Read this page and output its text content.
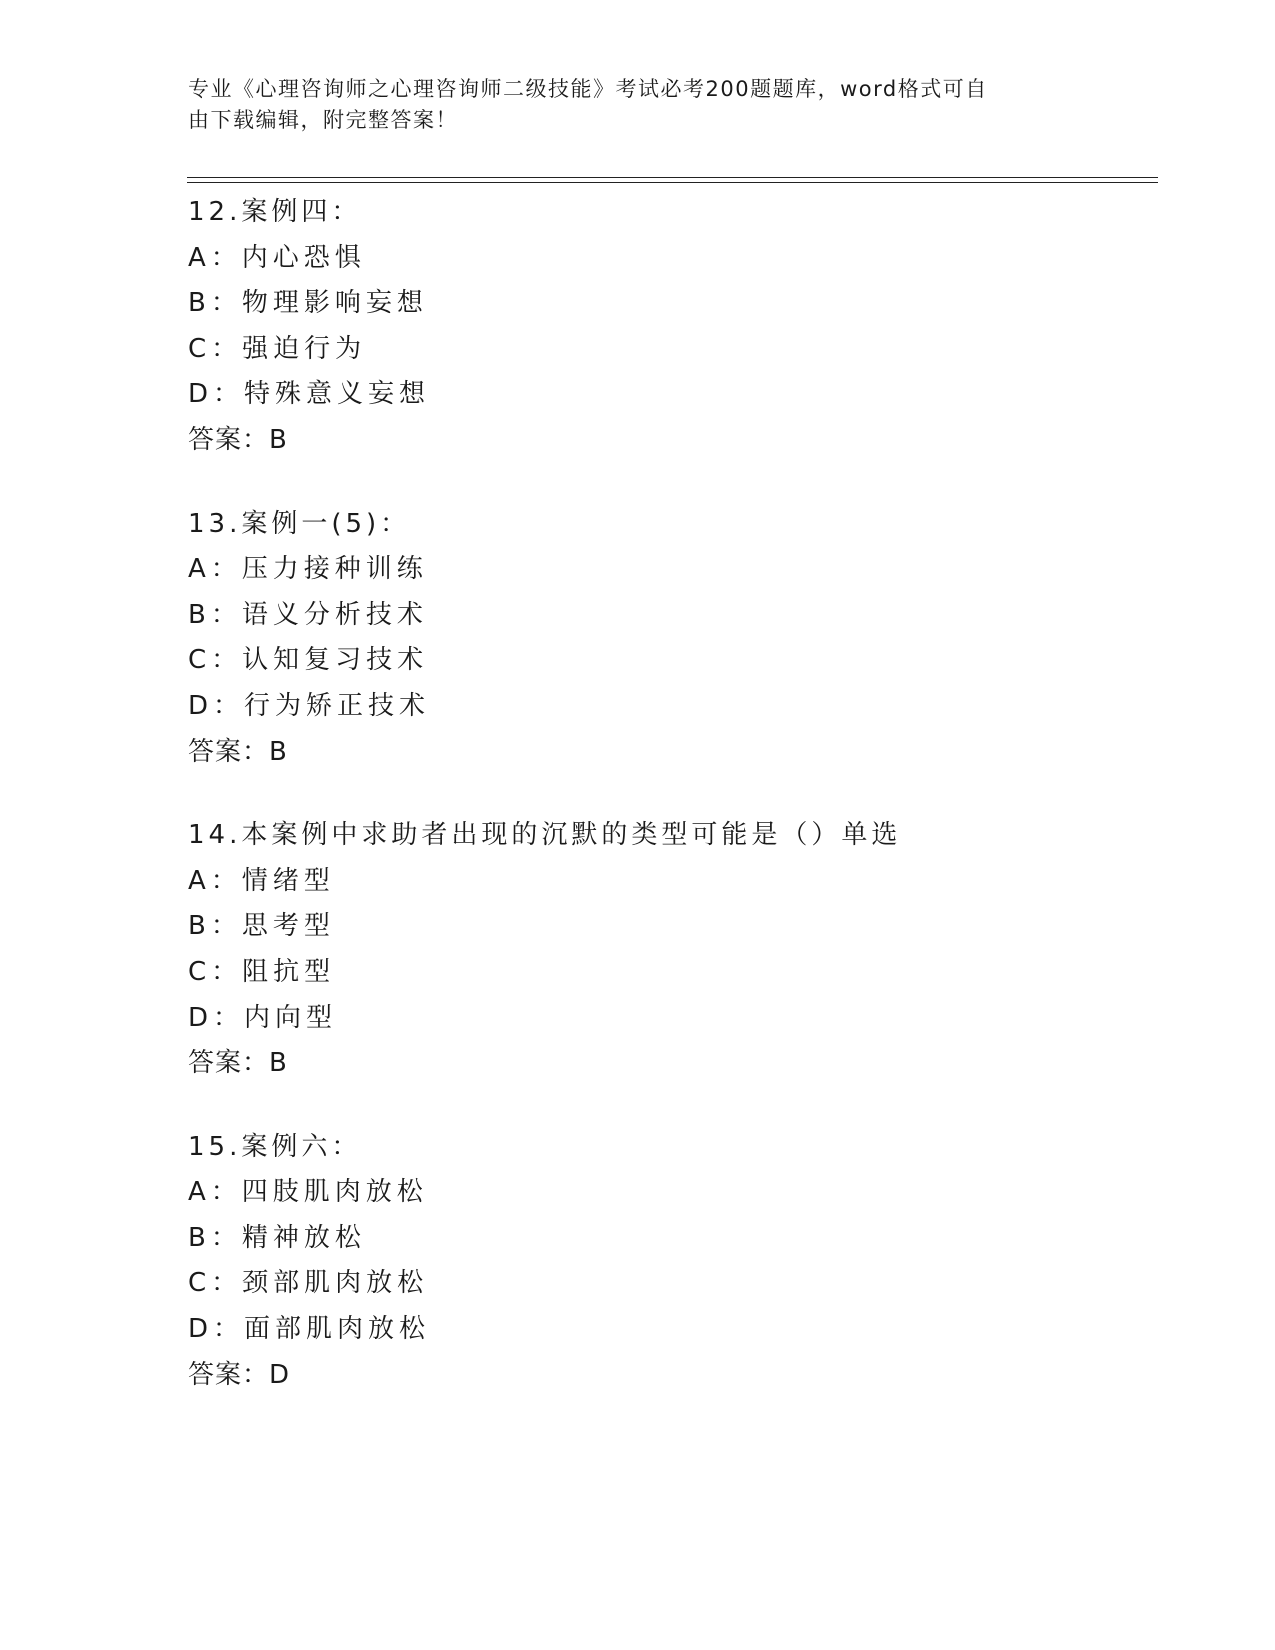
专业《心理咨询师之心理咨询师二级技能》考试必考200题题库，word格式可自
由下载编辑，附完整答案！
12.案例四：
A：内心恐惧
B：物理影响妄想
C：强迫行为
D：特殊意义妄想
答案：B
13.案例一(5)：
A：压力接种训练
B：语义分析技术
C：认知复习技术
D：行为矫正技术
答案：B
14.本案例中求助者出现的沉默的类型可能是（）单选
A：情绪型
B：思考型
C：阻抗型
D：内向型
答案：B
15.案例六：
A：四肢肌肉放松
B：精神放松
C：颈部肌肉放松
D：面部肌肉放松
答案：D
